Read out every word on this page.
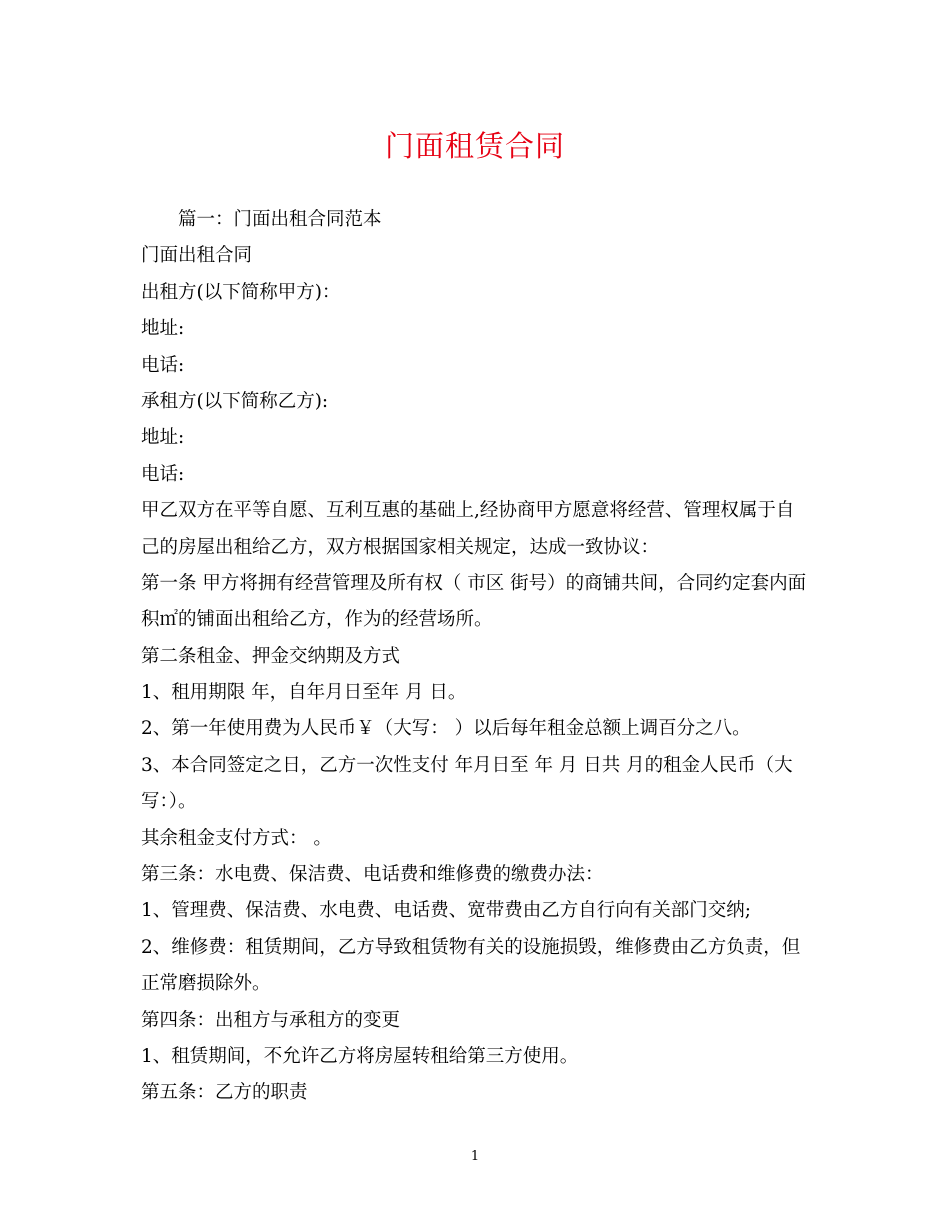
门面租赁合同
篇一：门面出租合同范本
门面出租合同
出租方(以下简称甲方)：
地址:
电话:
承租方(以下简称乙方):
地址:
电话:
甲乙双方在平等自愿、互利互惠的基础上,经协商甲方愿意将经营、管理权属于自
己的房屋出租给乙方，双方根据国家相关规定，达成一致协议：
第一条 甲方将拥有经营管理及所有权（ 市区 街号）的商铺共间，合同约定套内面
积㎡的铺面出租给乙方，作为的经营场所。
第二条租金、押金交纳期及方式
1、租用期限 年，自年月日至年 月 日。
2、第一年使用费为人民币￥（大写： ）以后每年租金总额上调百分之八。
3、本合同签定之日，乙方一次性支付 年月日至 年 月 日共 月的租金人民币（大
写：）。
其余租金支付方式： 。
第三条：水电费、保洁费、电话费和维修费的缴费办法：
1、管理费、保洁费、水电费、电话费、宽带费由乙方自行向有关部门交纳;
2、维修费：租赁期间，乙方导致租赁物有关的设施损毁，维修费由乙方负责，但
正常磨损除外。
第四条：出租方与承租方的变更
1、租赁期间，不允许乙方将房屋转租给第三方使用。
第五条：乙方的职责
1
